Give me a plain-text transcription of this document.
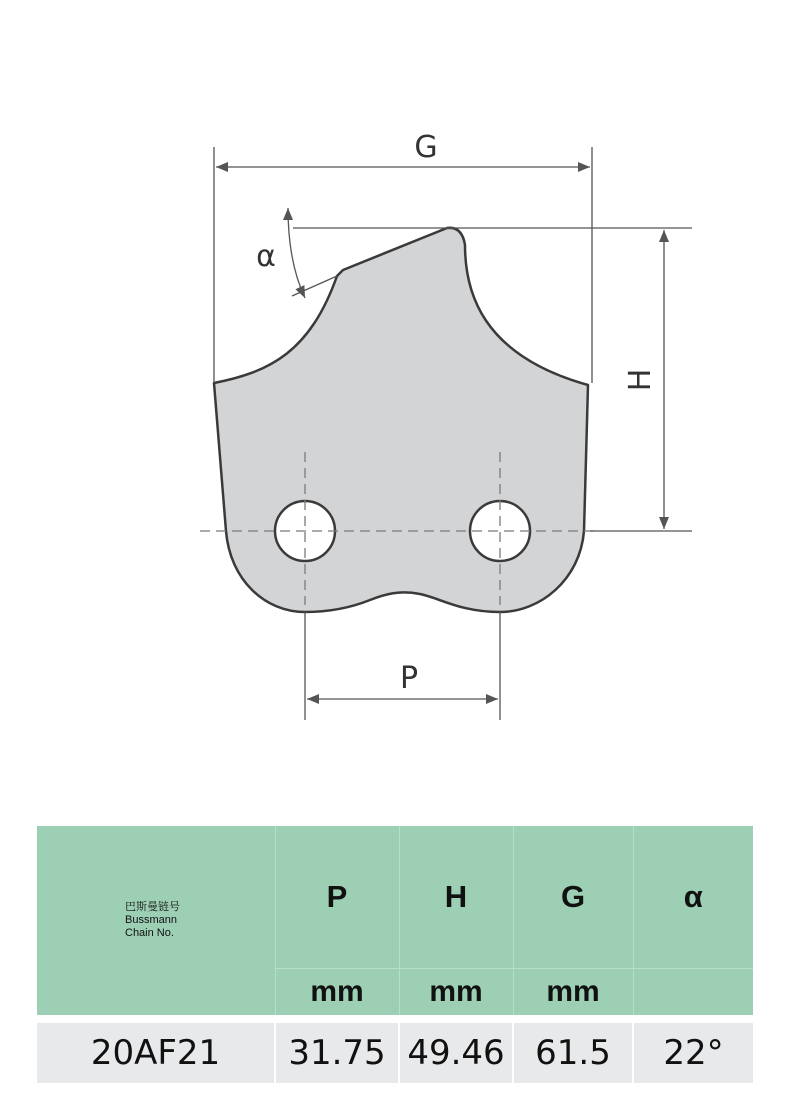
G
H
P
α
巴斯曼链号
Bussmann
Chain No.	P	H	G	α
	mm	mm	mm	

20AF21	31.75	49.46	61.5	22°
